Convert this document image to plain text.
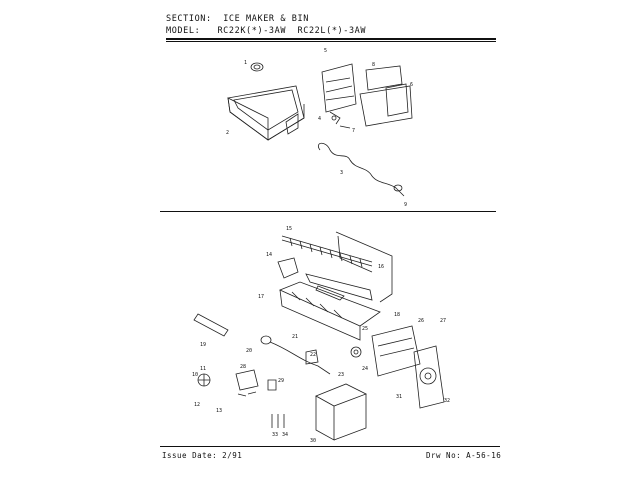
SECTION: ICE MAKER & BIN
MODEL: RC22K(*)-3AW  RC22L(*)-3AW
1
2
3
4
5
6
7
8
9
10
11
12
13
14
15
16
17
18
19
20
21
22
23
24
25
26	27
28
29
30
31
32
33 34
Issue Date: 2/91	Drw No: A-56-16
